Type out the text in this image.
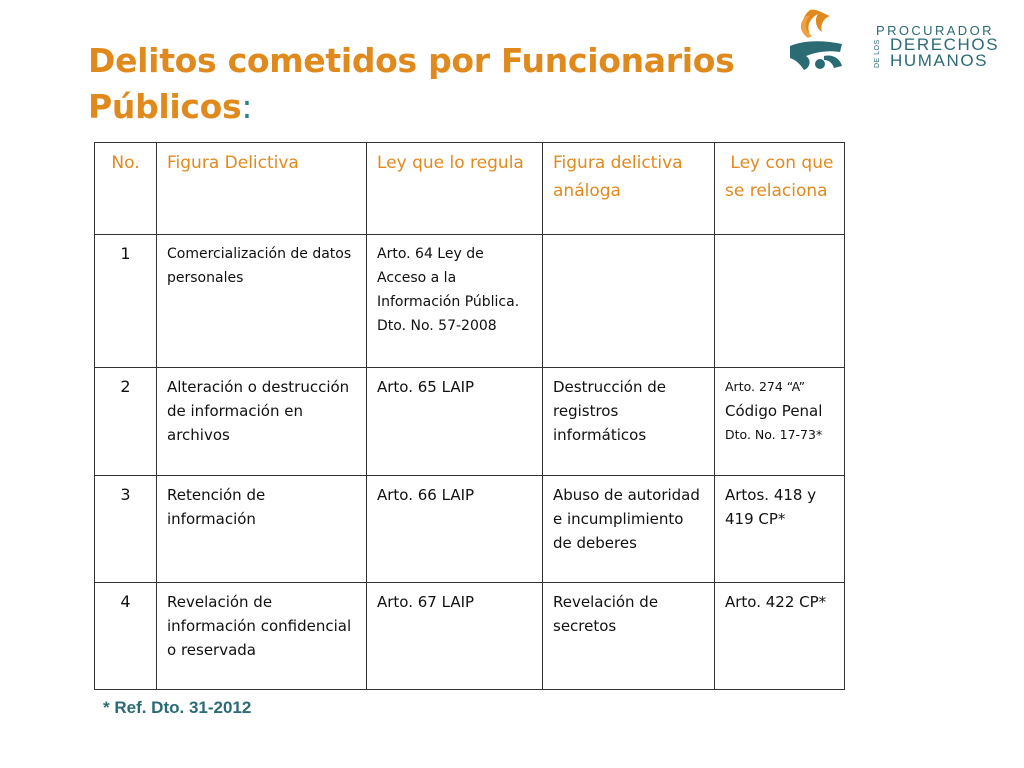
Delitos cometidos por Funcionarios Públicos:
PROCURADOR
DE LOS DERECHOS
HUMANOS
No.	Figura Delictiva	Ley que lo regula	Figura delictiva análoga	Ley con que se relaciona
1	Comercialización de datos personales	Arto. 64 Ley de Acceso a la Información Pública. Dto. No. 57-2008		
2	Alteración o destrucción de información en archivos	Arto. 65 LAIP	Destrucción de registros informáticos	Arto. 274 “A”
Código Penal
Dto. No. 17-73*

3	Retención de información	Arto. 66 LAIP	Abuso de autoridad e incumplimiento de deberes	Artos. 418 y 419 CP*
4	Revelación de información confidencial o reservada	Arto. 67 LAIP	Revelación de secretos	Arto. 422 CP*
* Ref. Dto. 31-2012
